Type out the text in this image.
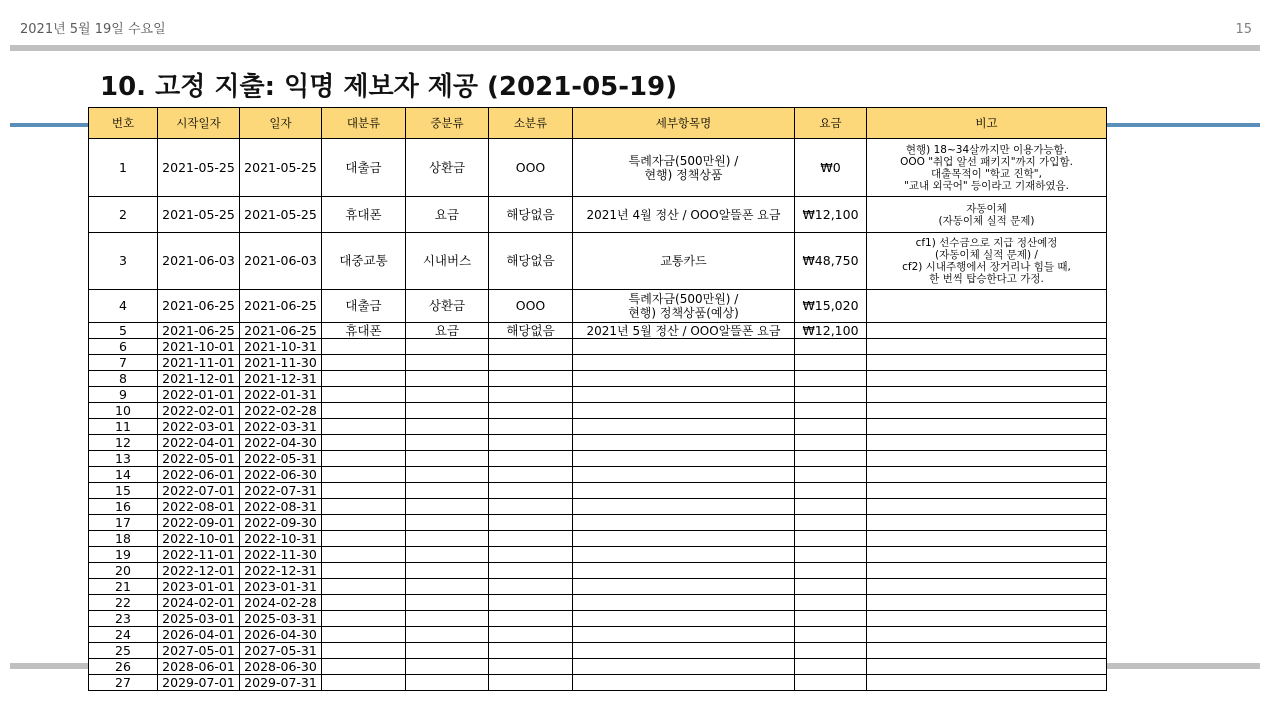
2021년 5월 19일 수요일	15
10. 고정 지출: 익명 제보자 제공 (2021-05-19)
번호	시작일자	일자	대분류	중분류	소분류	세부항목명	요금	비고
1	2021-05-25	2021-05-25	대출금	상환금	OOO	특례자금(500만원) /
현행) 정책상품	₩0	현행) 18~34살까지만 이용가능함.
OOO "취업 알선 패키지"까지 가입함.
대출목적이 "학교 진학",
"교내 외국어" 등이라고 기재하였음.

2	2021-05-25	2021-05-25	휴대폰	요금	해당없음	2021년 4월 정산 / OOO알뜰폰 요금	₩12,100	자동이체
(자동이체 실적 문제)

3	2021-06-03	2021-06-03	대중교통	시내버스	해당없음	교통카드	₩48,750	cf1) 선수금으로 지급 정산예정
(자동이체 실적 문제) /
cf2) 시내주행에서 장거리나 힘들 때,
한 번씩 탑승한다고 가정.

4	2021-06-25	2021-06-25	대출금	상환금	OOO	특례자금(500만원) /
현행) 정책상품(예상)	₩15,020	
5	2021-06-25	2021-06-25	휴대폰	요금	해당없음	2021년 5월 정산 / OOO알뜰폰 요금	₩12,100	
6	2021-10-01	2021-10-31						
7	2021-11-01	2021-11-30						
8	2021-12-01	2021-12-31						
9	2022-01-01	2022-01-31						
10	2022-02-01	2022-02-28						
11	2022-03-01	2022-03-31						
12	2022-04-01	2022-04-30						
13	2022-05-01	2022-05-31						
14	2022-06-01	2022-06-30						
15	2022-07-01	2022-07-31						
16	2022-08-01	2022-08-31						
17	2022-09-01	2022-09-30						
18	2022-10-01	2022-10-31						
19	2022-11-01	2022-11-30						
20	2022-12-01	2022-12-31						
21	2023-01-01	2023-01-31						
22	2024-02-01	2024-02-28						
23	2025-03-01	2025-03-31						
24	2026-04-01	2026-04-30						
25	2027-05-01	2027-05-31						
26	2028-06-01	2028-06-30						
27	2029-07-01	2029-07-31						
